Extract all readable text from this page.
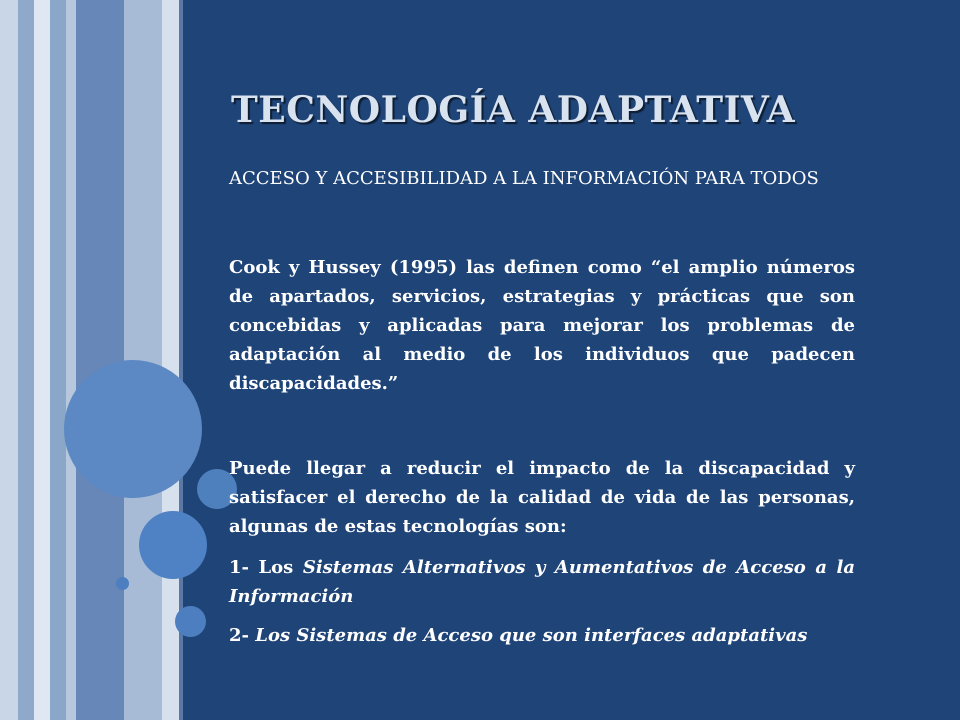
TECNOLOGÍA ADAPTATIVA

ACCESO Y ACCESIBILIDAD A LA INFORMACIÓN PARA TODOS

Cook y Hussey (1995) las definen como “el amplio números de apartados, servicios, estrategias y prácticas que son concebidas y aplicadas para mejorar los problemas de adaptación al medio de los individuos que padecen discapacidades.”

Puede llegar a reducir el impacto de la discapacidad y satisfacer el derecho de la calidad de vida de las personas, algunas de estas tecnologías son:

1- Los Sistemas Alternativos y Aumentativos de Acceso a la Información

2- Los Sistemas de Acceso que son interfaces adaptativas
